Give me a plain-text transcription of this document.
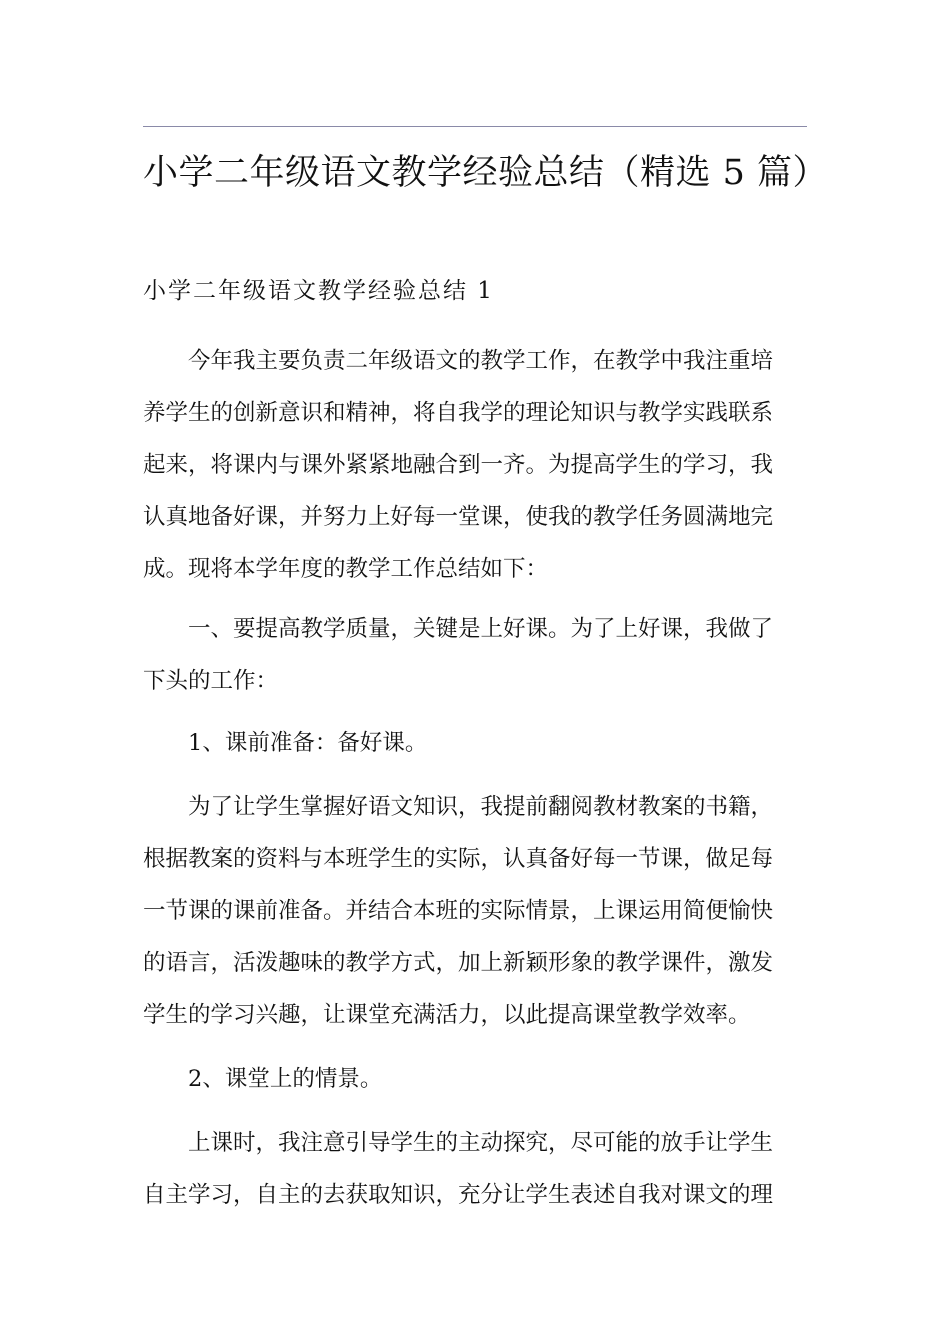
小学二年级语文教学经验总结（精选 5 篇）
小学二年级语文教学经验总结 1

　　今年我主要负责二年级语文的教学工作，在教学中我注重培
养学生的创新意识和精神，将自我学的理论知识与教学实践联系
起来，将课内与课外紧紧地融合到一齐。为提高学生的学习，我
认真地备好课，并努力上好每一堂课，使我的教学任务圆满地完
成。现将本学年度的教学工作总结如下：

　　一、要提高教学质量，关键是上好课。为了上好课，我做了
下头的工作：

　　1、课前准备：备好课。

　　为了让学生掌握好语文知识，我提前翻阅教材教案的书籍，
根据教案的资料与本班学生的实际，认真备好每一节课，做足每
一节课的课前准备。并结合本班的实际情景，上课运用简便愉快
的语言，活泼趣味的教学方式，加上新颖形象的教学课件，激发
学生的学习兴趣，让课堂充满活力，以此提高课堂教学效率。

　　2、课堂上的情景。

　　上课时，我注意引导学生的主动探究，尽可能的放手让学生
自主学习，自主的去获取知识，充分让学生表述自我对课文的理
